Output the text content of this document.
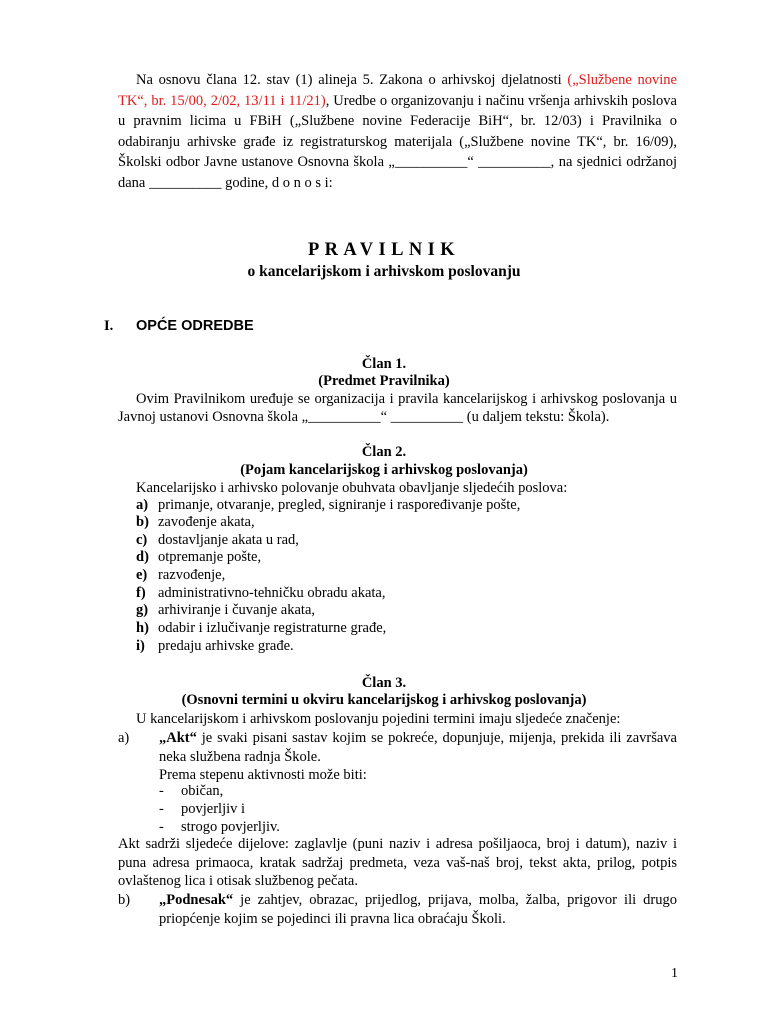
Na osnovu člana 12. stav (1) alineja 5. Zakona o arhivskoj djelatnosti („Službene novine TK“, br. 15/00, 2/02, 13/11 i 11/21), Uredbe o organizovanju i načinu vršenja arhivskih poslova u pravnim licima u FBiH („Službene novine Federacije BiH“, br. 12/03) i Pravilnika o odabiranju arhivske građe iz registraturskog materijala („Službene novine TK“, br. 16/09), Školski odbor Javne ustanove Osnovna škola „__________“ __________, na sjednici održanoj dana __________ godine, d o n o s i:

PRAVILNIK

o kancelarijskom i arhivskom poslovanju

I. OPĆE ODREDBE

Član 1.

(Predmet Pravilnika)

Ovim Pravilnikom uređuje se organizacija i pravila kancelarijskog i arhivskog poslovanja u Javnoj ustanovi Osnovna škola „__________“ __________ (u daljem tekstu: Škola).

Član 2.

(Pojam kancelarijskog i arhivskog poslovanja)

Kancelarijsko i arhivsko polovanje obuhvata obavljanje sljedećih poslova:

a) primanje, otvaranje, pregled, signiranje i raspoređivanje pošte,

b) zavođenje akata,

c) dostavljanje akata u rad,

d) otpremanje pošte,

e) razvođenje,

f) administrativno-tehničku obradu akata,

g) arhiviranje i čuvanje akata,

h) odabir i izlučivanje registraturne građe,

i) predaju arhivske građe.

Član 3.

(Osnovni termini u okviru kancelarijskog i arhivskog poslovanja)

U kancelarijskom i arhivskom poslovanju pojedini termini imaju sljedeće značenje:

a)	„Akt“ je svaki pisani sastav kojim se pokreće, dopunjuje, mijenja, prekida ili završava neka službena radnja Škole.

Prema stepenu aktivnosti može biti:

- običan,

- povjerljiv i

- strogo povjerljiv.

Akt sadrži sljedeće dijelove: zaglavlje (puni naziv i adresa pošiljaoca, broj i datum), naziv i puna adresa primaoca, kratak sadržaj predmeta, veza vaš-naš broj, tekst akta, prilog, potpis ovlaštenog lica i otisak službenog pečata.

b)	„Podnesak“ je zahtjev, obrazac, prijedlog, prijava, molba, žalba, prigovor ili drugo priopćenje kojim se pojedinci ili pravna lica obraćaju Školi.

1
